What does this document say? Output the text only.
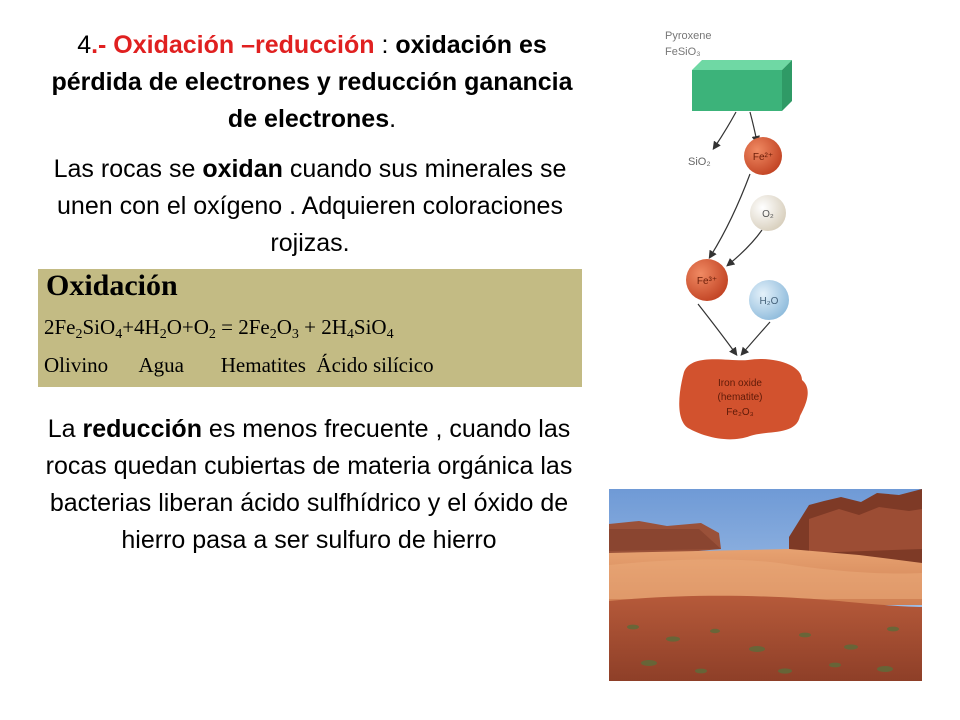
4.- Oxidación –reducción : oxidación es pérdida de electrones y reducción ganancia de electrones.
Las rocas se oxidan cuando sus minerales se unen con el oxígeno . Adquieren coloraciones rojizas.
Oxidación
$2Fe_2SiO_4+4H_2O+O_2 = 2Fe_2O_3 + 2H_4SiO_4$
Olivino Agua Hematites Ácido silícico
La reducción es menos frecuente , cuando las rocas quedan cubiertas de materia orgánica las bacterias liberan ácido sulfhídrico y el óxido de hierro pasa a ser sulfuro de hierro
Pyroxene
FeSiO₃
SiO₂	Fe²⁺
O₂
Fe³⁺
H₂O
Iron oxide
(hematite)
Fe₂O₃
